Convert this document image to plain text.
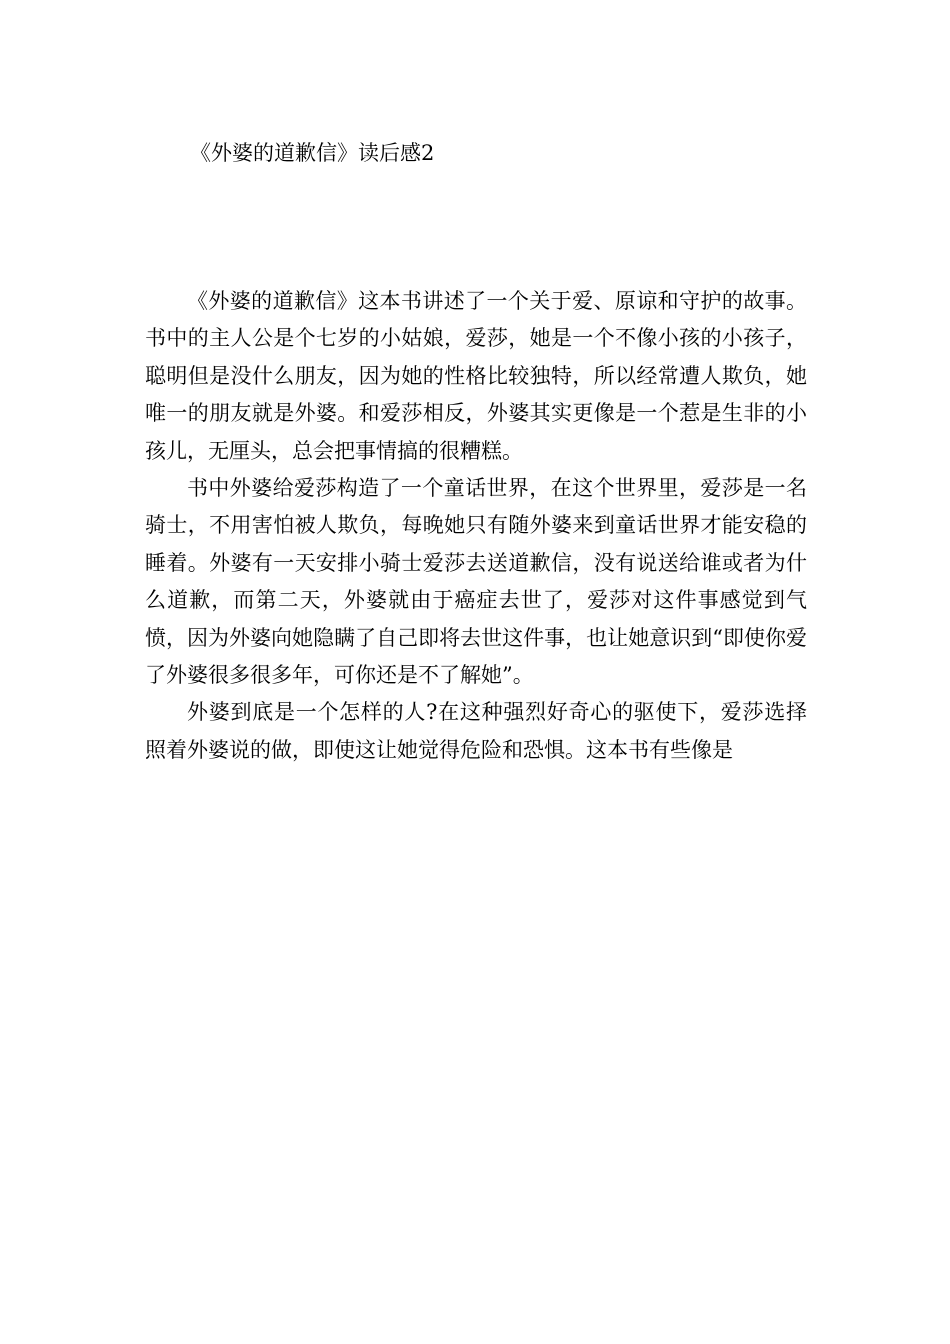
《外婆的道歉信》读后感2

《外婆的道歉信》这本书讲述了一个关于爱、原谅和守护的故事。书中的主人公是个七岁的小姑娘，爱莎，她是一个不像小孩的小孩子，聪明但是没什么朋友，因为她的性格比较独特，所以经常遭人欺负，她唯一的朋友就是外婆。和爱莎相反，外婆其实更像是一个惹是生非的小孩儿，无厘头，总会把事情搞的很糟糕。

书中外婆给爱莎构造了一个童话世界，在这个世界里，爱莎是一名骑士，不用害怕被人欺负，每晚她只有随外婆来到童话世界才能安稳的睡着。外婆有一天安排小骑士爱莎去送道歉信，没有说送给谁或者为什么道歉，而第二天，外婆就由于癌症去世了，爱莎对这件事感觉到气愤，因为外婆向她隐瞒了自己即将去世这件事，也让她意识到“即使你爱了外婆很多很多年，可你还是不了解她”。

外婆到底是一个怎样的人?在这种强烈好奇心的驱使下，爱莎选择照着外婆说的做，即使这让她觉得危险和恐惧。这本书有些像是
